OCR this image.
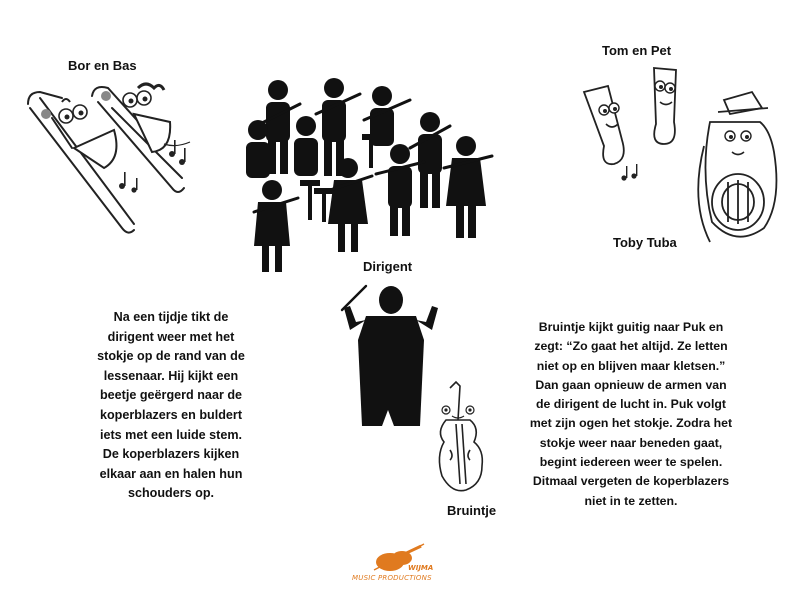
Bor en Bas
Tom en Pet
Toby Tuba
Dirigent
Bruintje
Na een tijdje tikt de
dirigent weer met het
stokje op de rand van de
lessenaar. Hij kijkt een
beetje geërgerd naar de
koperblazers en buldert
iets met een luide stem.
De koperblazers kijken
elkaar aan en halen hun
schouders op.
Bruintje kijkt guitig naar Puk en
zegt: “Zo gaat het altijd. Ze letten
niet op en blijven maar kletsen.”
Dan gaan opnieuw de armen van
de dirigent de lucht in. Puk volgt
met zijn ogen het stokje. Zodra het
stokje weer naar beneden gaat,
begint iedereen weer te spelen.
Ditmaal vergeten de koperblazers
niet in te zetten.
WIJMA
MUSIC PRODUCTIONS
